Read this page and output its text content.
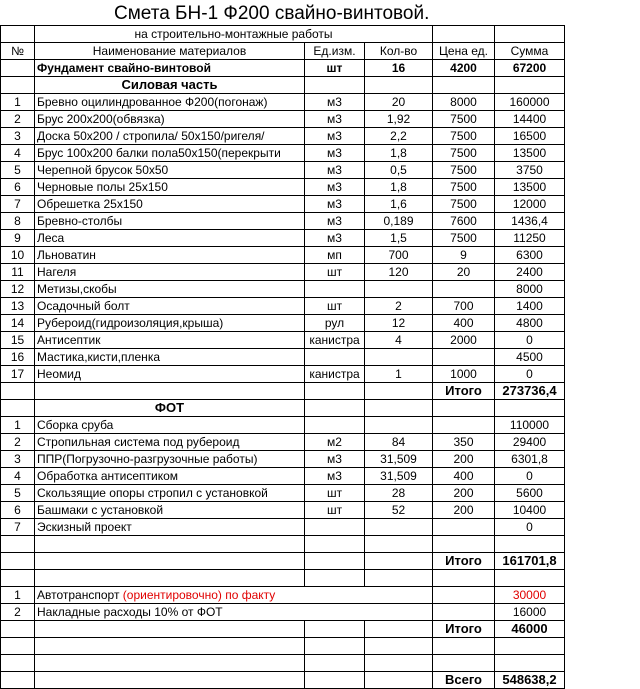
Смета БН-1 Ф200 свайно-винтовой.
	на строительно-монтажные работы				
№	Наименование материалов	Ед.изм.	Кол-во	Цена ед.	Сумма
	Фундамент свайно-винтовой	шт	16	4200	67200
	Силовая часть				
1	Бревно оцилиндрованное Ф200(погонаж)	м3	20	8000	160000
2	Брус 200х200(обвязка)	м3	1,92	7500	14400
3	Доска 50х200 / стропила/ 50х150/ригеля/	м3	2,2	7500	16500
4	Брус 100х200 балки пола50х150(перекрыти	м3	1,8	7500	13500
5	Черепной брусок 50х50	м3	0,5	7500	3750
6	Черновые полы 25х150	м3	1,8	7500	13500
7	Обрешетка 25х150	м3	1,6	7500	12000
8	Бревно-столбы	м3	0,189	7600	1436,4
9	Леса	м3	1,5	7500	11250
10	Льноватин	мп	700	9	6300
11	Нагеля	шт	120	20	2400
12	Метизы,скобы				8000
13	Осадочный болт	шт	2	700	1400
14	Рубероид(гидроизоляция,крыша)	рул	12	400	4800
15	Антисептик	канистра	4	2000	0
16	Мастика,кисти,пленка				4500
17	Неомид	канистра	1	1000	0
				Итого	273736,4
	ФОТ				
1	Сборка сруба				110000
2	Стропильная система под рубероид	м2	84	350	29400
3	ППР(Погрузочно-разгрузочные работы)	м3	31,509	200	6301,8
4	Обработка антисептиком	м3	31,509	400	0
5	Скользящие опоры стропил с установкой	шт	28	200	5600
6	Башмаки с установкой	шт	52	200	10400
7	Эскизный проект				0

				Итого	161701,8

1	Автотранспорт (ориентировочно) по факту				30000
2	Накладные расходы 10% от ФОТ				16000
				Итого	46000

				Всего	548638,2
